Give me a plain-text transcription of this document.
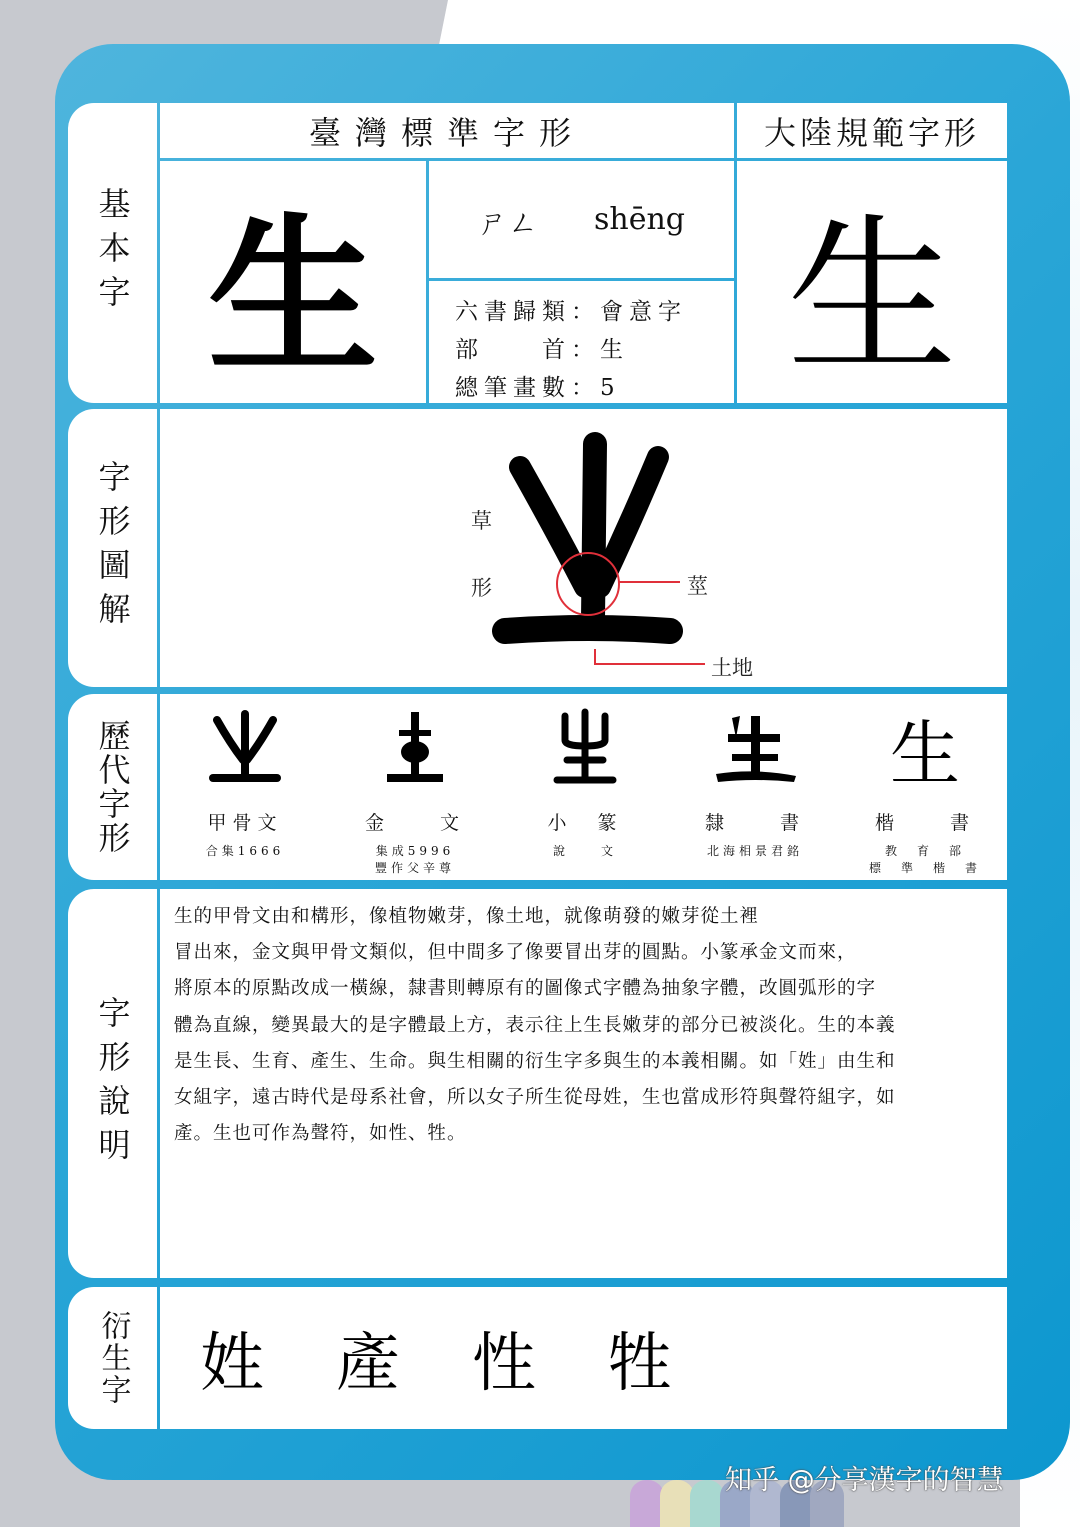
基本字
臺灣標準字形	大陸規範字形
生	ㄕㄥ shēng
六書歸類：會意字
部　　首：生
總筆畫數：5 生
字形圖解	草
形	莖
土地
歷代字形	甲骨文
合集1666
金　　文
集成5996
豐作父辛尊
小　篆
說　　文
隸　　書
北海相景君銘
生
楷　　書
教　育　部
標　準　楷　書
字形說明
生的甲骨文由和構形，像植物嫩芽，像土地，就像萌發的嫩芽從土裡
冒出來，金文與甲骨文類似，但中間多了像要冒出芽的圓點。小篆承金文而來，
將原本的原點改成一橫線，隸書則轉原有的圖像式字體為抽象字體，改圓弧形的字
體為直線，變異最大的是字體最上方，表示往上生長嫩芽的部分已被淡化。生的本義
是生長、生育、產生、生命。與生相關的衍生字多與生的本義相關。如「姓」由生和
女組字，遠古時代是母系社會，所以女子所生從母姓，生也當成形符與聲符組字，如
產。生也可作為聲符，如性、牲。
衍生字 姓 產 性 牲
知乎 @分享漢字的智慧
